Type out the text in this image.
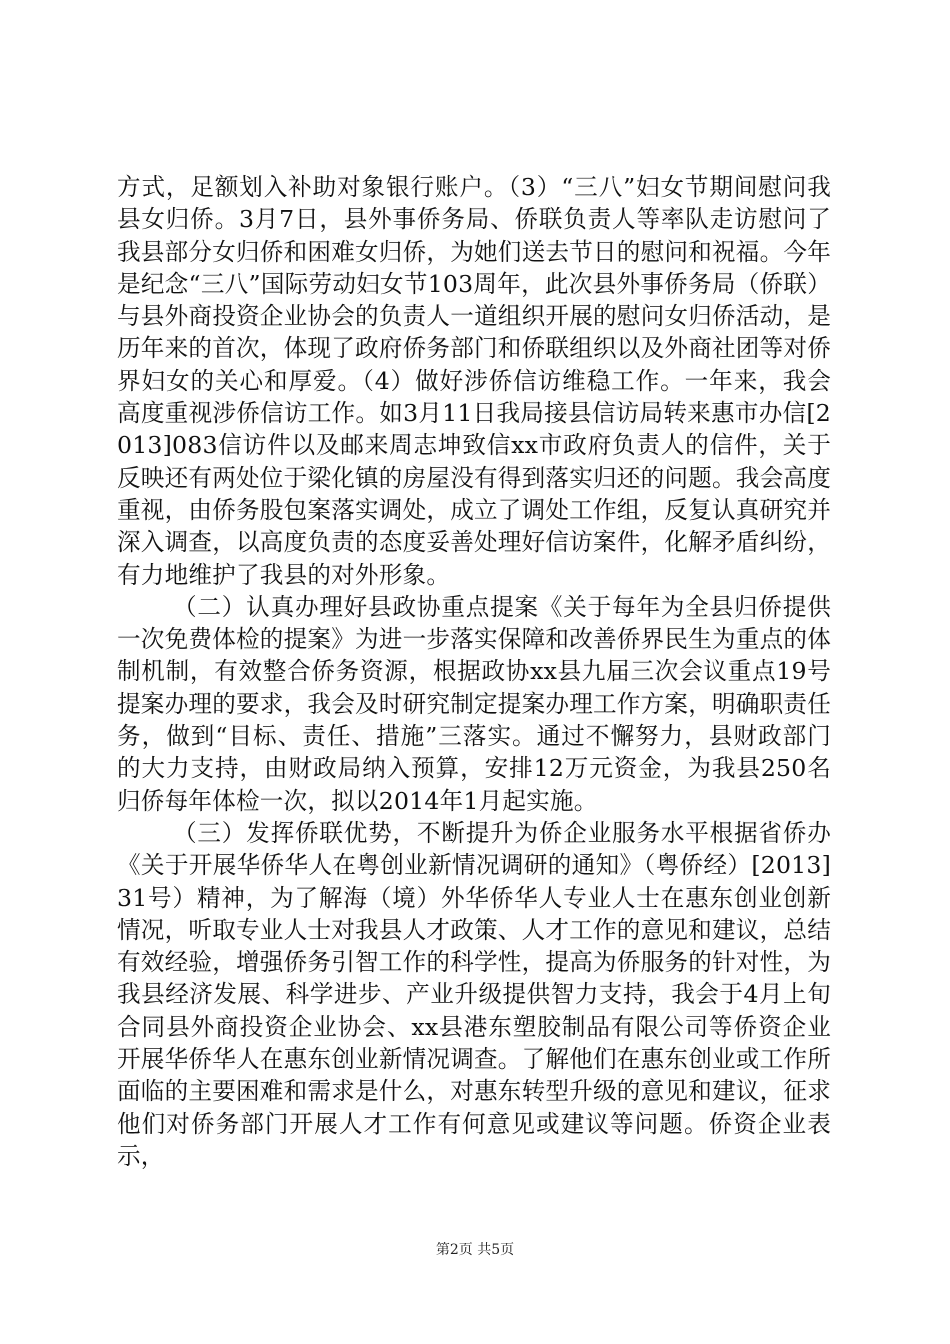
方式，足额划入补助对象银行账户。（3）“三八”妇女节期间慰问我县女归侨。3月7日，县外事侨务局、侨联负责人等率队走访慰问了我县部分女归侨和困难女归侨，为她们送去节日的慰问和祝福。今年是纪念“三八”国际劳动妇女节103周年，此次县外事侨务局（侨联）与县外商投资企业协会的负责人一道组织开展的慰问女归侨活动，是历年来的首次，体现了政府侨务部门和侨联组织以及外商社团等对侨界妇女的关心和厚爱。（4）做好涉侨信访维稳工作。一年来，我会高度重视涉侨信访工作。如3月11日我局接县信访局转来惠市办信[2013]083信访件以及邮来周志坤致信xx市政府负责人的信件，关于反映还有两处位于梁化镇的房屋没有得到落实归还的问题。我会高度重视，由侨务股包案落实调处，成立了调处工作组，反复认真研究并深入调查，以高度负责的态度妥善处理好信访案件，化解矛盾纠纷，有力地维护了我县的对外形象。

（二）认真办理好县政协重点提案《关于每年为全县归侨提供一次免费体检的提案》为进一步落实保障和改善侨界民生为重点的体制机制，有效整合侨务资源，根据政协xx县九届三次会议重点19号提案办理的要求，我会及时研究制定提案办理工作方案，明确职责任务，做到“目标、责任、措施”三落实。通过不懈努力，县财政部门的大力支持，由财政局纳入预算，安排12万元资金，为我县250名归侨每年体检一次，拟以2014年1月起实施。

（三）发挥侨联优势，不断提升为侨企业服务水平根据省侨办《关于开展华侨华人在粤创业新情况调研的通知》（粤侨经）[2013]31号）精神，为了解海（境）外华侨华人专业人士在惠东创业创新情况，听取专业人士对我县人才政策、人才工作的意见和建议，总结有效经验，增强侨务引智工作的科学性，提高为侨服务的针对性，为我县经济发展、科学进步、产业升级提供智力支持，我会于4月上旬合同县外商投资企业协会、xx县港东塑胶制品有限公司等侨资企业开展华侨华人在惠东创业新情况调查。了解他们在惠东创业或工作所面临的主要困难和需求是什么，对惠东转型升级的意见和建议，征求他们对侨务部门开展人才工作有何意见或建议等问题。侨资企业表示，

第2页 共5页
